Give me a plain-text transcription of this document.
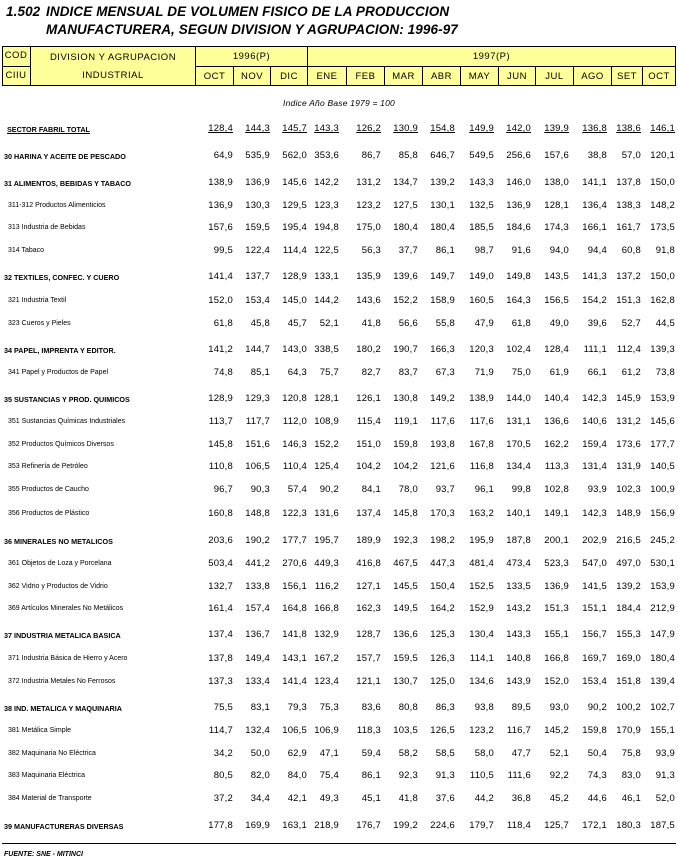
1.502 INDICE MENSUAL DE VOLUMEN FISICO DE LA PRODUCCION
MANUFACTURERA, SEGUN DIVISION Y AGRUPACION: 1996-97
COD
CIIU
DIVISION Y AGRUPACION
INDUSTRIAL
1996(P)	1997(P)
OCT	NOV	DIC	ENE	FEB	MAR	ABR	MAY	JUN	JUL	AGO	SET	OCT
Indice Año Base 1979 = 100
SECTOR FABRIL TOTAL	128,4	144,3	145,7 143,3	126,2	130,9	154,8	149,9	142,0	139,9	136,8 138,6 146,1
30 HARINA Y ACEITE DE PESCADO	64,9	535,9	562,0 353,6	86,7	85,8	646,7	549,5	256,6	157,6	38,8	57,0 120,1
31 ALIMENTOS, BEBIDAS Y TABACO	138,9	136,9	145,6 142,2	131,2	134,7	139,2	143,3	146,0	138,0	141,1 137,8 150,0
311-312 Productos Alimenticios	136,9	130,3	129,5 123,3	123,2	127,5	130,1	132,5	136,9	128,1	136,4 138,3 148,2
313 Industria de Bebidas	157,6	159,5	195,4 194,8	175,0	180,4	180,4	185,5	184,6	174,3	166,1 161,7 173,5
314 Tabaco	99,5	122,4	114,4 122,5	56,3	37,7	86,1	98,7	91,6	94,0	94,4	60,8	91,8
32 TEXTILES, CONFEC. Y CUERO	141,4	137,7	128,9 133,1	135,9	139,6	149,7	149,0	149,8	143,5	141,3 137,2 150,0
321 Industria Textil	152,0	153,4	145,0 144,2	143,6	152,2	158,9	160,5	164,3	156,5	154,2 151,3 162,8
323 Cueros y Pieles	61,8	45,8	45,7	52,1	41,8	56,6	55,8	47,9	61,8	49,0	39,6	52,7	44,5
34 PAPEL, IMPRENTA Y EDITOR.	141,2	144,7	143,0 338,5	180,2	190,7	166,3	120,3	102,4	128,4	111,1	112,4 139,3
341 Papel y Productos de Papel	74,8	85,1	64,3	75,7	82,7	83,7	67,3	71,9	75,0	61,9	66,1	61,2	73,8
35 SUSTANCIAS Y PROD. QUIMICOS	128,9	129,3	120,8 128,1	126,1	130,8	149,2	138,9	144,0	140,4	142,3 145,9 153,9
351 Sustancias Químicas Industriales	113,7	117,7	112,0 108,9	115,4	119,1	117,6	117,6	131,1	136,6	140,6 131,2 145,6
352 Productos Químicos Diversos	145,8	151,6	146,3 152,2	151,0	159,8	193,8	167,8	170,5	162,2	159,4 173,6 177,7
353 Refinería de Petróleo	110,8	106,5	110,4 125,4	104,2	104,2	121,6	116,8	134,4	113,3	131,4 131,9 140,5
355 Productos de Caucho	96,7	90,3	57,4	90,2	84,1	78,0	93,7	96,1	99,8	102,8	93,9 102,3 100,9
356 Productos de Plástico	160,8	148,8	122,3 131,6	137,4	145,8	170,3	163,2	140,1	149,1	142,3 148,9 156,9
36 MINERALES NO METALICOS	203,6	190,2	177,7 195,7	189,9	192,3	198,2	195,9	187,8	200,1	202,9 216,5 245,2
361 Objetos de Loza y Porcelana	503,4	441,2	270,6 449,3	416,8	467,5	447,3	481,4	473,4	523,3	547,0 497,0 530,1
362 Vidrio y Productos de Vidrio	132,7	133,8	156,1 116,2	127,1	145,5	150,4	152,5	133,5	136,9	141,5 139,2 153,9
369 Artículos Minerales No Metálicos	161,4	157,4	164,8 166,8	162,3	149,5	164,2	152,9	143,2	151,3	151,1 184,4 212,9
37 INDUSTRIA METALICA BASICA	137,4	136,7	141,8 132,9	128,7	136,6	125,3	130,4	143,3	155,1	156,7 155,3 147,9
371 Industria Básica de Hierro y Acero	137,8	149,4	143,1 167,2	157,7	159,5	126,3	114,1	140,8	166,8	169,7 169,0 180,4
372 Industria Metales No Ferrosos	137,3	133,4	141,4 123,4	121,1	130,7	125,0	134,6	143,9	152,0	153,4 151,8 139,4
38 IND. METALICA Y MAQUINARIA	75,5	83,1	79,3	75,3	83,6	80,8	86,3	93,8	89,5	93,0	90,2 100,2 102,7
381 Metálica Simple	114,7	132,4	106,5 106,9	118,3	103,5	126,5	123,2	116,7	145,2	159,8 170,9 155,1
382 Maquinaria No Eléctrica	34,2	50,0	62,9	47,1	59,4	58,2	58,5	58,0	47,7	52,1	50,4	75,8	93,9
383 Maquinaria Eléctrica	80,5	82,0	84,0	75,4	86,1	92,3	91,3	110,5	111,6	92,2	74,3	83,0	91,3
384 Material de Transporte	37,2	34,4	42,1	49,3	45,1	41,8	37,6	44,2	36,8	45,2	44,6	46,1	52,0
39 MANUFACTURERAS DIVERSAS	177,8	169,9	163,1 218,9	176,7	199,2	224,6	179,7	118,4	125,7	172,1 180,3 187,5
FUENTE: SNE - MITINCI
